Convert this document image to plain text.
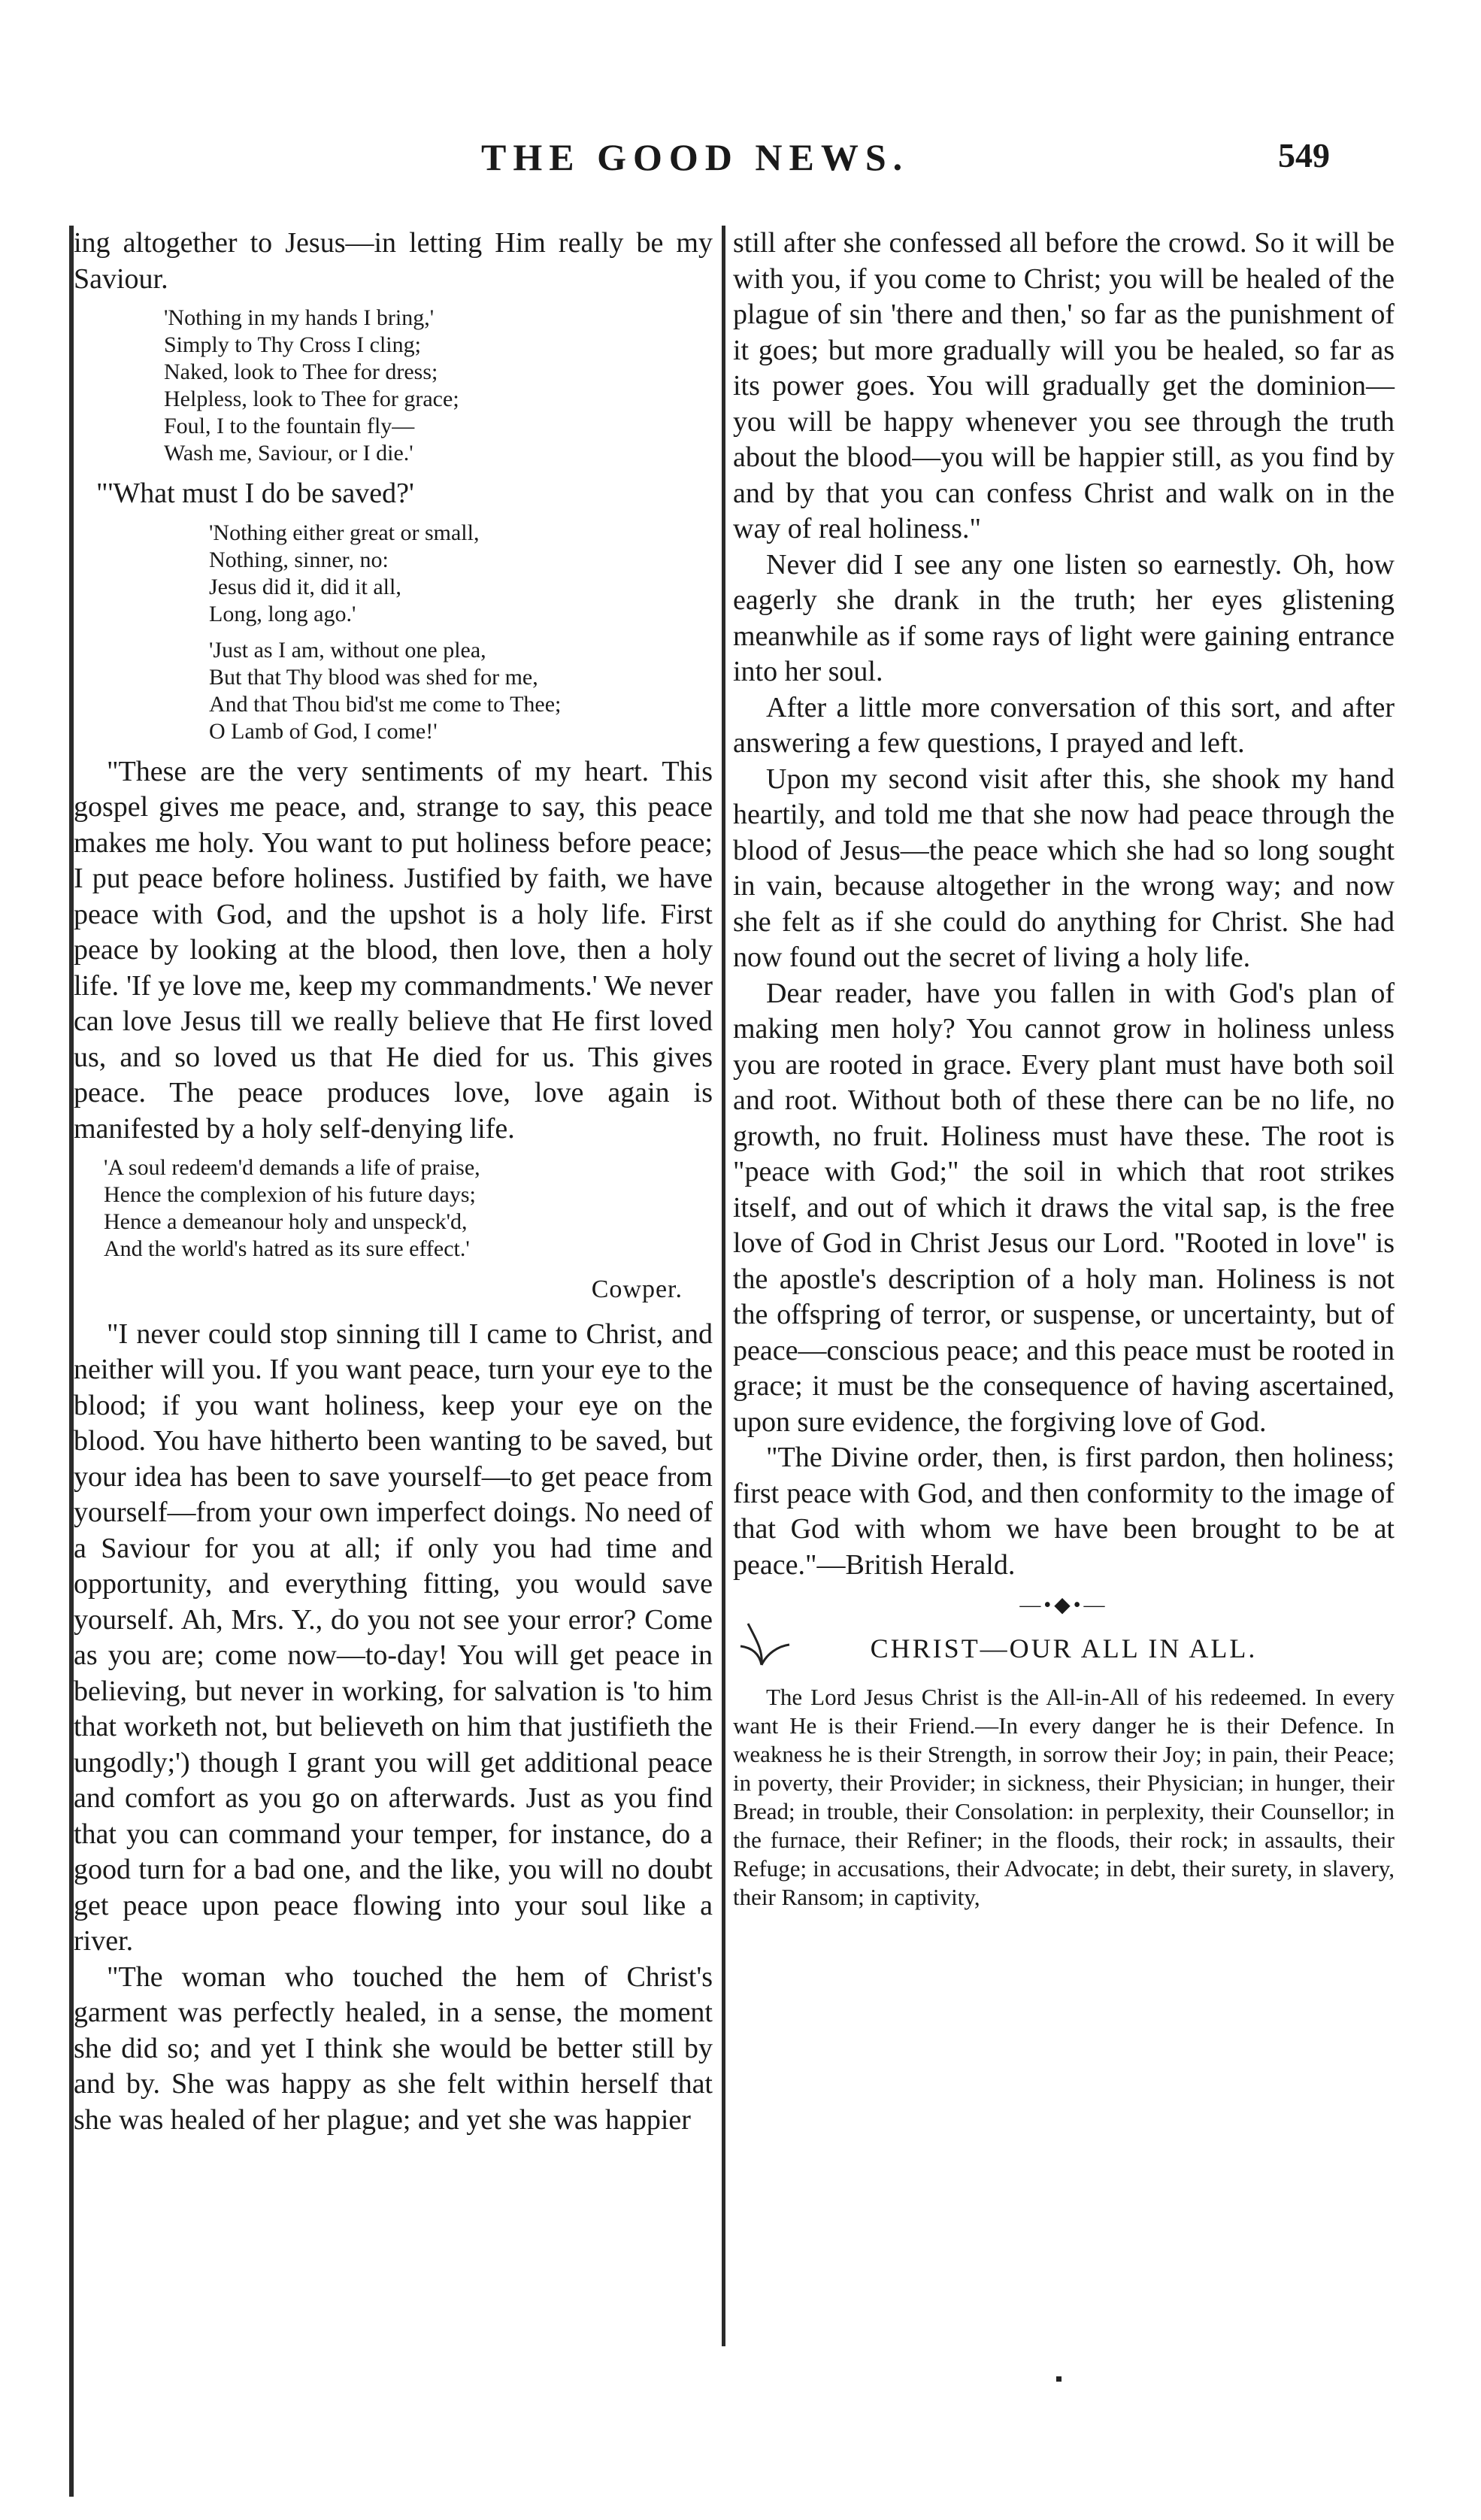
THE GOOD NEWS.	549

ing altogether to Jesus—in letting Him really be my Saviour.

'Nothing in my hands I bring,'
Simply to Thy Cross I cling;
Naked, look to Thee for dress;
Helpless, look to Thee for grace;
Foul, I to the fountain fly—
Wash me, Saviour, or I die.'

"'What must I do be saved?'

'Nothing either great or small,
Nothing, sinner, no:
Jesus did it, did it all,
Long, long ago.'
'Just as I am, without one plea,
But that Thy blood was shed for me,
And that Thou bid'st me come to Thee;
O Lamb of God, I come!'

"These are the very sentiments of my heart. This gospel gives me peace, and, strange to say, this peace makes me holy. You want to put holiness before peace; I put peace before holiness. Justified by faith, we have peace with God, and the upshot is a holy life. First peace by looking at the blood, then love, then a holy life. 'If ye love me, keep my commandments.' We never can love Jesus till we really believe that He first loved us, and so loved us that He died for us. This gives peace. The peace produces love, love again is manifested by a holy self-denying life.

'A soul redeem'd demands a life of praise,
Hence the complexion of his future days;
Hence a demeanour holy and unspeck'd,
And the world's hatred as its sure effect.'

Cowper.

"I never could stop sinning till I came to Christ, and neither will you. If you want peace, turn your eye to the blood; if you want holiness, keep your eye on the blood. You have hitherto been wanting to be saved, but your idea has been to save yourself—to get peace from yourself—from your own imperfect doings. No need of a Saviour for you at all; if only you had time and opportunity, and everything fitting, you would save yourself. Ah, Mrs. Y., do you not see your error? Come as you are; come now—to-day! You will get peace in believing, but never in working, for salvation is 'to him that worketh not, but believeth on him that justifieth the ungodly;') though I grant you will get additional peace and comfort as you go on afterwards. Just as you find that you can command your temper, for instance, do a good turn for a bad one, and the like, you will no doubt get peace upon peace flowing into your soul like a river.

"The woman who touched the hem of Christ's garment was perfectly healed, in a sense, the moment she did so; and yet I think she would be better still by and by. She was happy as she felt within herself that she was healed of her plague; and yet she was happier

still after she confessed all before the crowd. So it will be with you, if you come to Christ; you will be healed of the plague of sin 'there and then,' so far as the punishment of it goes; but more gradually will you be healed, so far as its power goes. You will gradually get the dominion—you will be happy whenever you see through the truth about the blood—you will be happier still, as you find by and by that you can confess Christ and walk on in the way of real holiness."

Never did I see any one listen so earnestly. Oh, how eagerly she drank in the truth; her eyes glistening meanwhile as if some rays of light were gaining entrance into her soul.

After a little more conversation of this sort, and after answering a few questions, I prayed and left.

Upon my second visit after this, she shook my hand heartily, and told me that she now had peace through the blood of Jesus—the peace which she had so long sought in vain, because altogether in the wrong way; and now she felt as if she could do anything for Christ. She had now found out the secret of living a holy life.

Dear reader, have you fallen in with God's plan of making men holy? You cannot grow in holiness unless you are rooted in grace. Every plant must have both soil and root. Without both of these there can be no life, no growth, no fruit. Holiness must have these. The root is "peace with God;" the soil in which that root strikes itself, and out of which it draws the vital sap, is the free love of God in Christ Jesus our Lord. "Rooted in love" is the apostle's description of a holy man. Holiness is not the offspring of terror, or suspense, or uncertainty, but of peace—conscious peace; and this peace must be rooted in grace; it must be the consequence of having ascertained, upon sure evidence, the forgiving love of God.

"The Divine order, then, is first pardon, then holiness; first peace with God, and then conformity to the image of that God with whom we have been brought to be at peace."—British Herald.

—•◆•—
CHRIST—OUR ALL IN ALL.

The Lord Jesus Christ is the All-in-All of his redeemed. In every want He is their Friend.—In every danger he is their Defence. In weakness he is their Strength, in sorrow their Joy; in pain, their Peace; in poverty, their Provider; in sickness, their Physician; in hunger, their Bread; in trouble, their Consolation: in perplexity, their Counsellor; in the furnace, their Refiner; in the floods, their rock; in assaults, their Refuge; in accusations, their Advocate; in debt, their surety, in slavery, their Ransom; in captivity,
